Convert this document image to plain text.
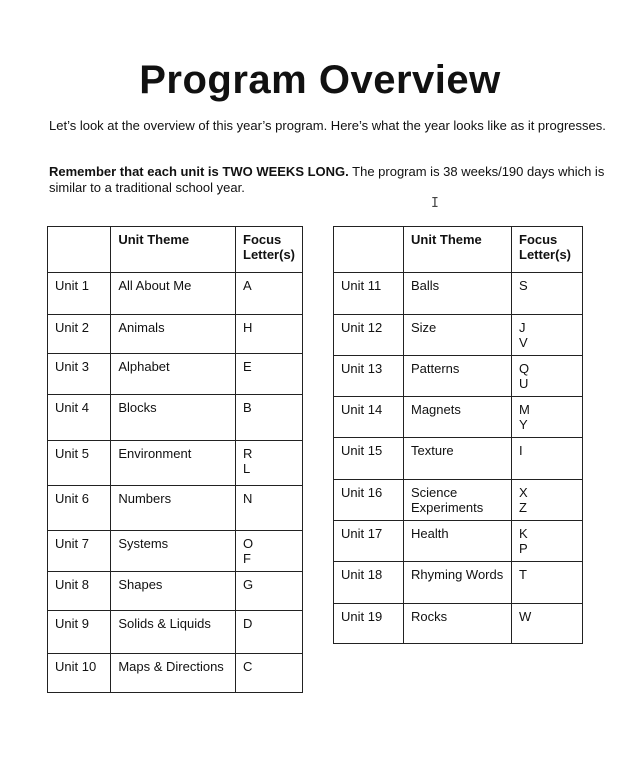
Program Overview

Let’s look at the overview of this year’s program. Here’s what the year looks like as it progresses.

Remember that each unit is TWO WEEKS LONG. The program is 38 weeks/190 days which is similar to a traditional school year.

I
	Unit Theme	Focus Letter(s)
Unit 1	All About Me	A

Unit 2	Animals	H

Unit 3	Alphabet	E

Unit 4	Blocks	B

Unit 5	Environment	R
L

Unit 6	Numbers	N

Unit 7	Systems	O
F

Unit 8	Shapes	G

Unit 9	Solids & Liquids	D

Unit 10	Maps & Directions	C
	Unit Theme	Focus Letter(s)
Unit 11	Balls	S

Unit 12	Size	J
V

Unit 13	Patterns	Q
U

Unit 14	Magnets	M
Y

Unit 15	Texture	I

Unit 16	Science Experiments	X
Z

Unit 17	Health	K
P

Unit 18	Rhyming Words	T

Unit 19	Rocks	W
